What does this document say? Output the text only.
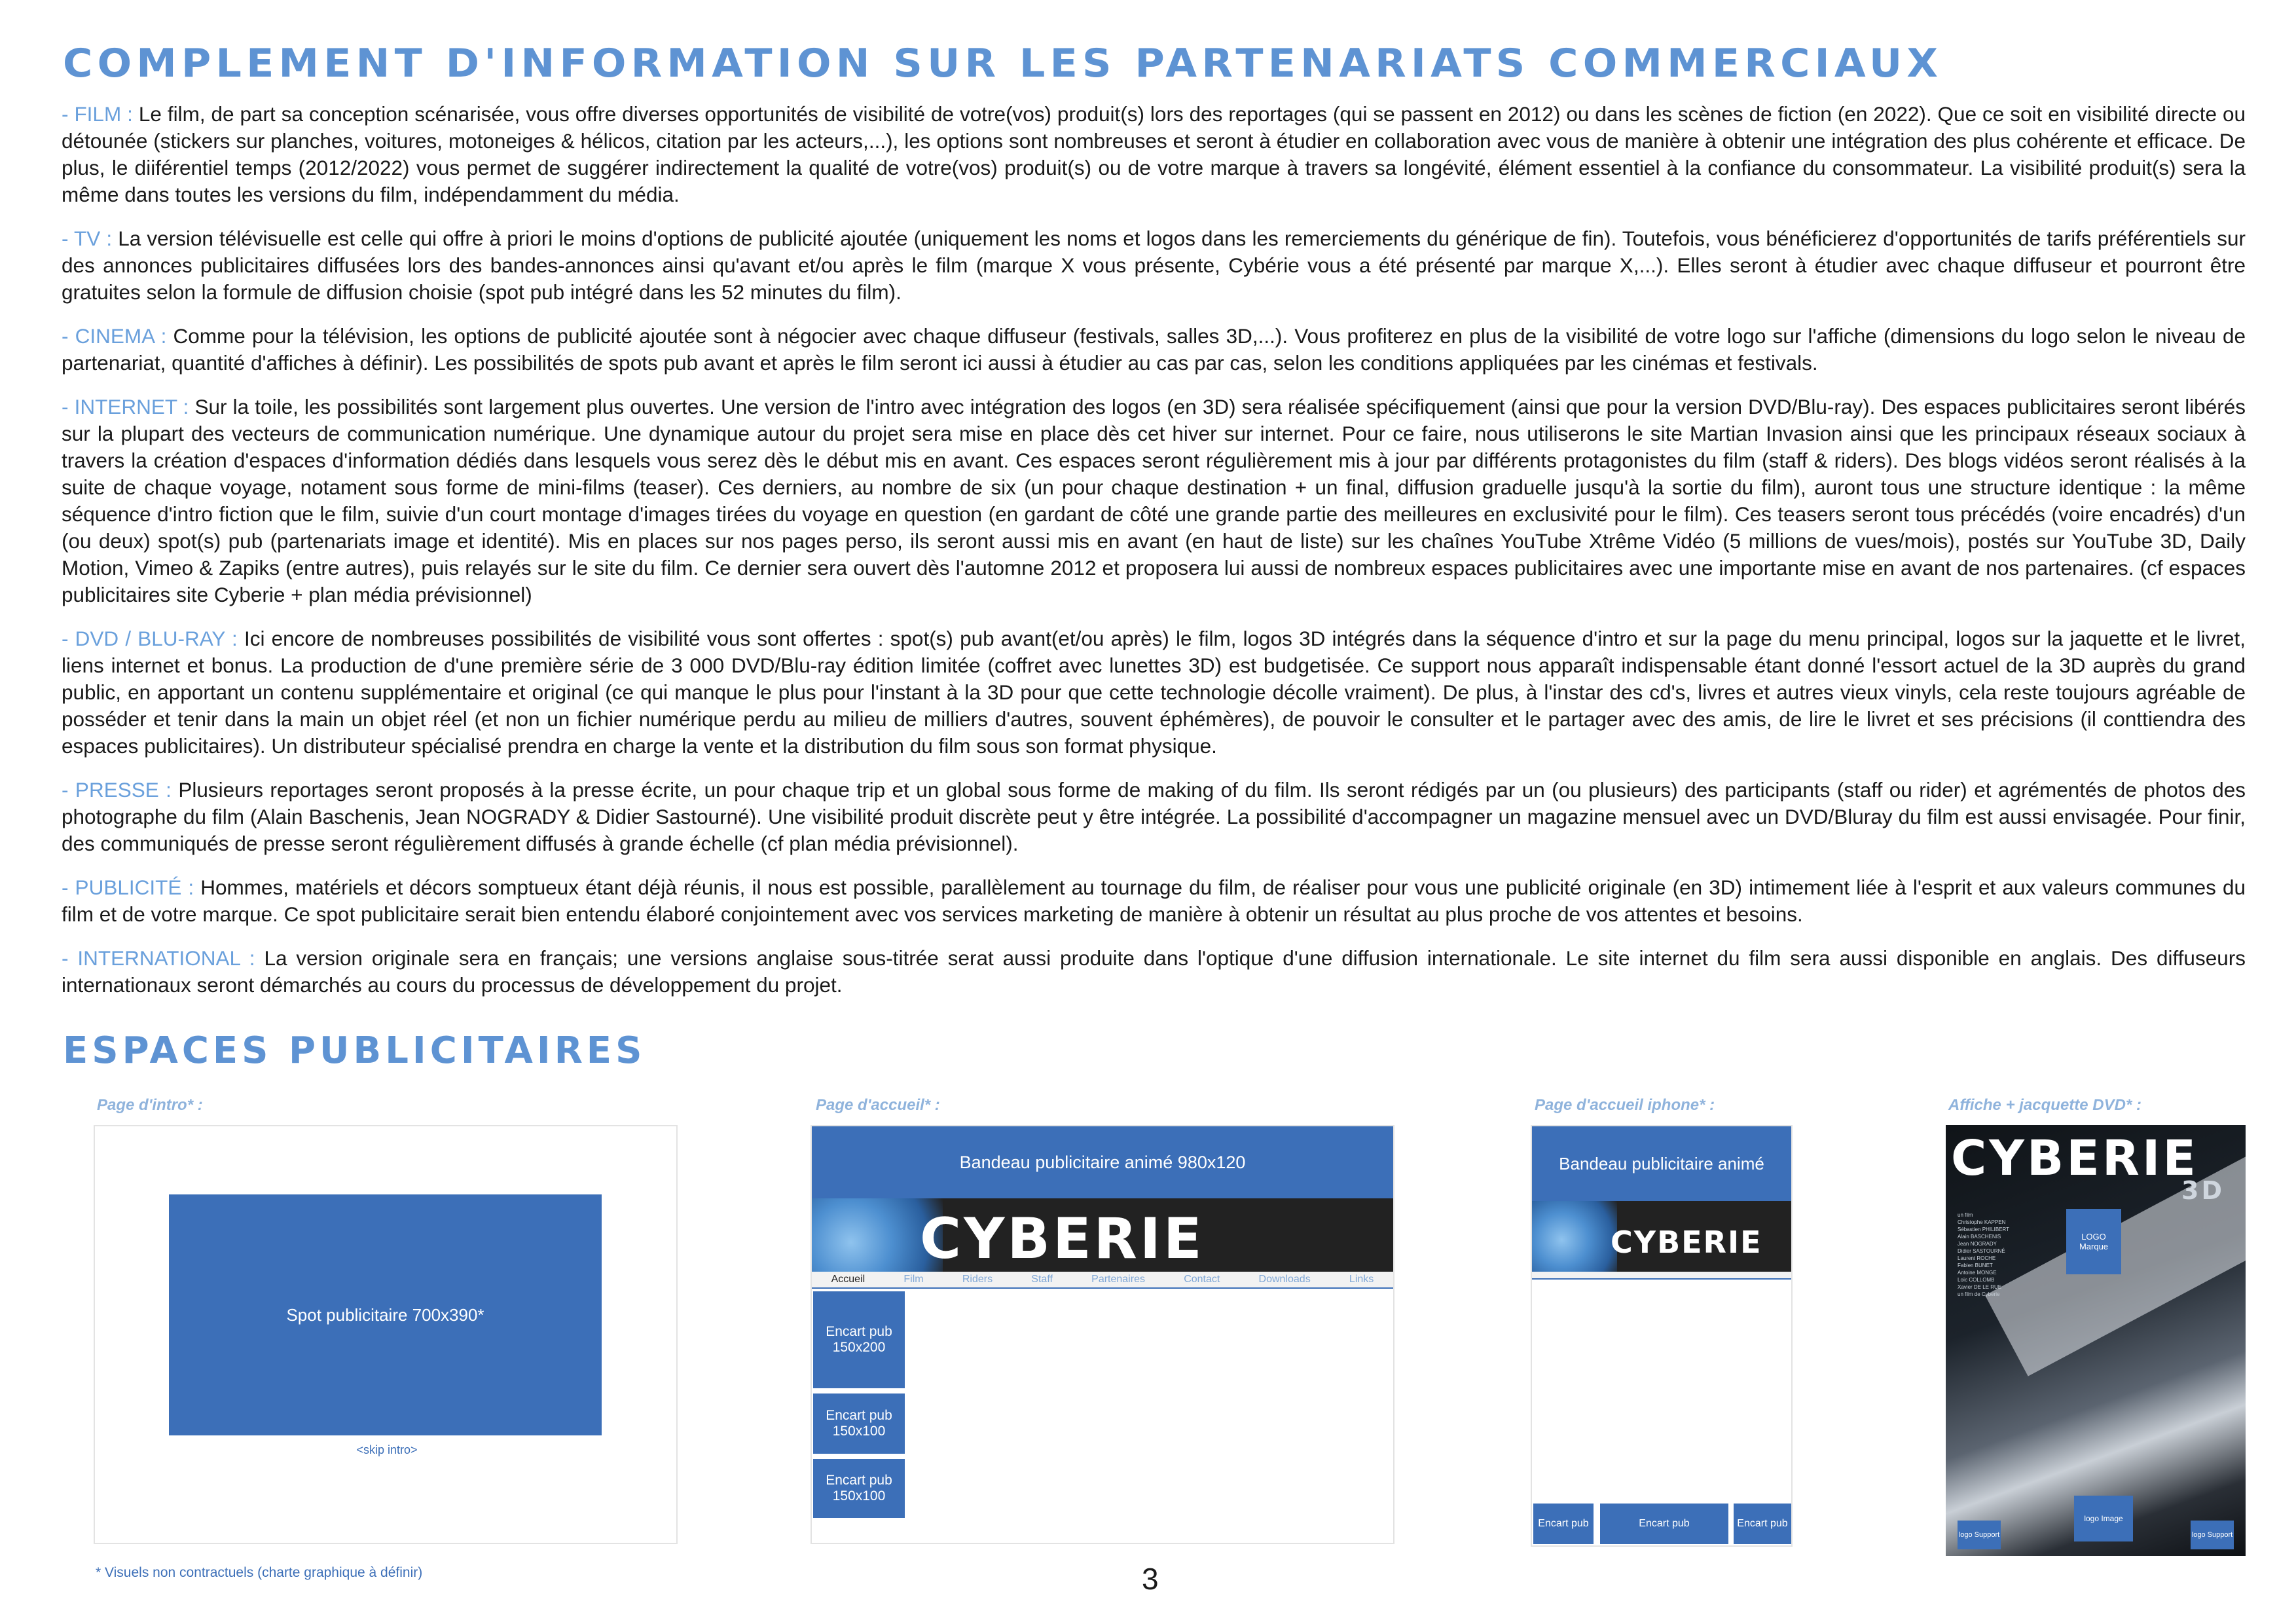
COMPLEMENT D'INFORMATION SUR LES PARTENARIATS COMMERCIAUX

- FILM : Le film, de part sa conception scénarisée, vous offre diverses opportunités de visibilité de votre(vos) produit(s) lors des reportages (qui se passent en 2012) ou dans les scènes de fiction (en 2022). Que ce soit en visibilité directe ou détounée (stickers sur planches, voitures, motoneiges & hélicos, citation par les acteurs,...), les options sont nombreuses et seront à étudier en collaboration avec vous de manière à obtenir une intégration des plus cohérente et efficace. De plus, le diiférentiel temps (2012/2022) vous permet de suggérer indirectement la qualité de votre(vos) produit(s) ou de votre marque à travers sa longévité, élément essentiel à la confiance du consommateur. La visibilité produit(s) sera la même dans toutes les versions du film, indépendamment du média.

- TV : La version télévisuelle est celle qui offre à priori le moins d'options de publicité ajoutée (uniquement les noms et logos dans les remerciements du générique de fin). Toutefois, vous bénéficierez d'opportunités de tarifs préférentiels sur des annonces publicitaires diffusées lors des bandes-annonces ainsi qu'avant et/ou après le film (marque X vous présente, Cybérie vous a été présenté par marque X,...). Elles seront à étudier avec chaque diffuseur et pourront être gratuites selon la formule de diffusion choisie (spot pub intégré dans les 52 minutes du film).

- CINEMA : Comme pour la télévision, les options de publicité ajoutée sont à négocier avec chaque diffuseur (festivals, salles 3D,...). Vous profiterez en plus de la visibilité de votre logo sur l'affiche (dimensions du logo selon le niveau de partenariat, quantité d'affiches à définir). Les possibilités de spots pub avant et après le film seront ici aussi à étudier au cas par cas, selon les conditions appliquées par les cinémas et festivals.

- INTERNET : Sur la toile, les possibilités sont largement plus ouvertes. Une version de l'intro avec intégration des logos (en 3D) sera réalisée spécifiquement (ainsi que pour la version DVD/Blu-ray). Des espaces publicitaires seront libérés sur la plupart des vecteurs de communication numérique. Une dynamique autour du projet sera mise en place dès cet hiver sur internet. Pour ce faire, nous utiliserons le site Martian Invasion ainsi que les principaux réseaux sociaux à travers la création d'espaces d'information dédiés dans lesquels vous serez dès le début mis en avant. Ces espaces seront régulièrement mis à jour par différents protagonistes du film (staff & riders). Des blogs vidéos seront réalisés à la suite de chaque voyage, notament sous forme de mini-films (teaser). Ces derniers, au nombre de six (un pour chaque destination + un final, diffusion graduelle jusqu'à la sortie du film), auront tous une structure identique : la même séquence d'intro fiction que le film, suivie d'un court montage d'images tirées du voyage en question (en gardant de côté une grande partie des meilleures en exclusivité pour le film). Ces teasers seront tous précédés (voire encadrés) d'un (ou deux) spot(s) pub (partenariats image et identité). Mis en places sur nos pages perso, ils seront aussi mis en avant (en haut de liste) sur les chaînes YouTube Xtrême Vidéo (5 millions de vues/mois), postés sur YouTube 3D, Daily Motion, Vimeo & Zapiks (entre autres), puis relayés sur le site du film. Ce dernier sera ouvert dès l'automne 2012 et proposera lui aussi de nombreux espaces publicitaires avec une importante mise en avant de nos partenaires. (cf espaces publicitaires site Cyberie + plan média prévisionnel)

- DVD / BLU-RAY : Ici encore de nombreuses possibilités de visibilité vous sont offertes : spot(s) pub avant(et/ou après) le film, logos 3D intégrés dans la séquence d'intro et sur la page du menu principal, logos sur la jaquette et le livret, liens internet et bonus. La production de d'une première série de 3 000 DVD/Blu-ray édition limitée (coffret avec lunettes 3D) est budgetisée. Ce support nous apparaît indispensable étant donné l'essort actuel de la 3D auprès du grand public, en apportant un contenu supplémentaire et original (ce qui manque le plus pour l'instant à la 3D pour que cette technologie décolle vraiment). De plus, à l'instar des cd's, livres et autres vieux vinyls, cela reste toujours agréable de posséder et tenir dans la main un objet réel (et non un fichier numérique perdu au milieu de milliers d'autres, souvent éphémères), de pouvoir le consulter et le partager avec des amis, de lire le livret et ses précisions (il conttiendra des espaces publicitaires). Un distributeur spécialisé prendra en charge la vente et la distribution du film sous son format physique.

- PRESSE : Plusieurs reportages seront proposés à la presse écrite, un pour chaque trip et un global sous forme de making of du film. Ils seront rédigés par un (ou plusieurs) des participants (staff ou rider) et agrémentés de photos des photographe du film (Alain Baschenis, Jean NOGRADY & Didier Sastourné). Une visibilité produit discrète peut y être intégrée. La possibilité d'accompagner un magazine mensuel avec un DVD/Bluray du film est aussi envisagée. Pour finir, des communiqués de presse seront régulièrement diffusés à grande échelle (cf plan média prévisionnel).

- PUBLICITÉ : Hommes, matériels et décors somptueux étant déjà réunis, il nous est possible, parallèlement au tournage du film, de réaliser pour vous une publicité originale (en 3D) intimement liée à l'esprit et aux valeurs communes du film et de votre marque. Ce spot publicitaire serait bien entendu élaboré conjointement avec vos services marketing de manière à obtenir un résultat au plus proche de vos attentes et besoins.

- INTERNATIONAL : La version originale sera en français; une versions anglaise sous-titrée serat aussi produite dans l'optique d'une diffusion internationale. Le site internet du film sera aussi disponible en anglais. Des diffuseurs internationaux seront démarchés au cours du processus de développement du projet.

ESPACES PUBLICITAIRES
Page d'intro* :
Spot publicitaire 700x390*
<skip intro>
Page d'accueil* :
Bandeau publicitaire animé 980x120
CYBERIE
Accueil	Film	Riders	Staff	Partenaires	Contact	Downloads	Links
Encart pub 150x200
Encart pub 150x100
Encart pub 150x100
Page d'accueil iphone* :
Bandeau publicitaire animé
CYBERIE
Encart pub	Encart pub	Encart pub
Affiche + jacquette DVD* :
CYBERIE
3D
un film
Christophe KAPPEN
Sébastien PHILIBERT
Alain BASCHENIS
Jean NOGRADY
Didier SASTOURNÉ
Laurent ROCHE
Fabien BUNET
Antoine MONGE
Loïc COLLOMB
Xavier DE LE RUE
un film de Cyberie
LOGO Marque
logo Image
logo Support	logo Support
* Visuels non contractuels (charte graphique à définir)	3
